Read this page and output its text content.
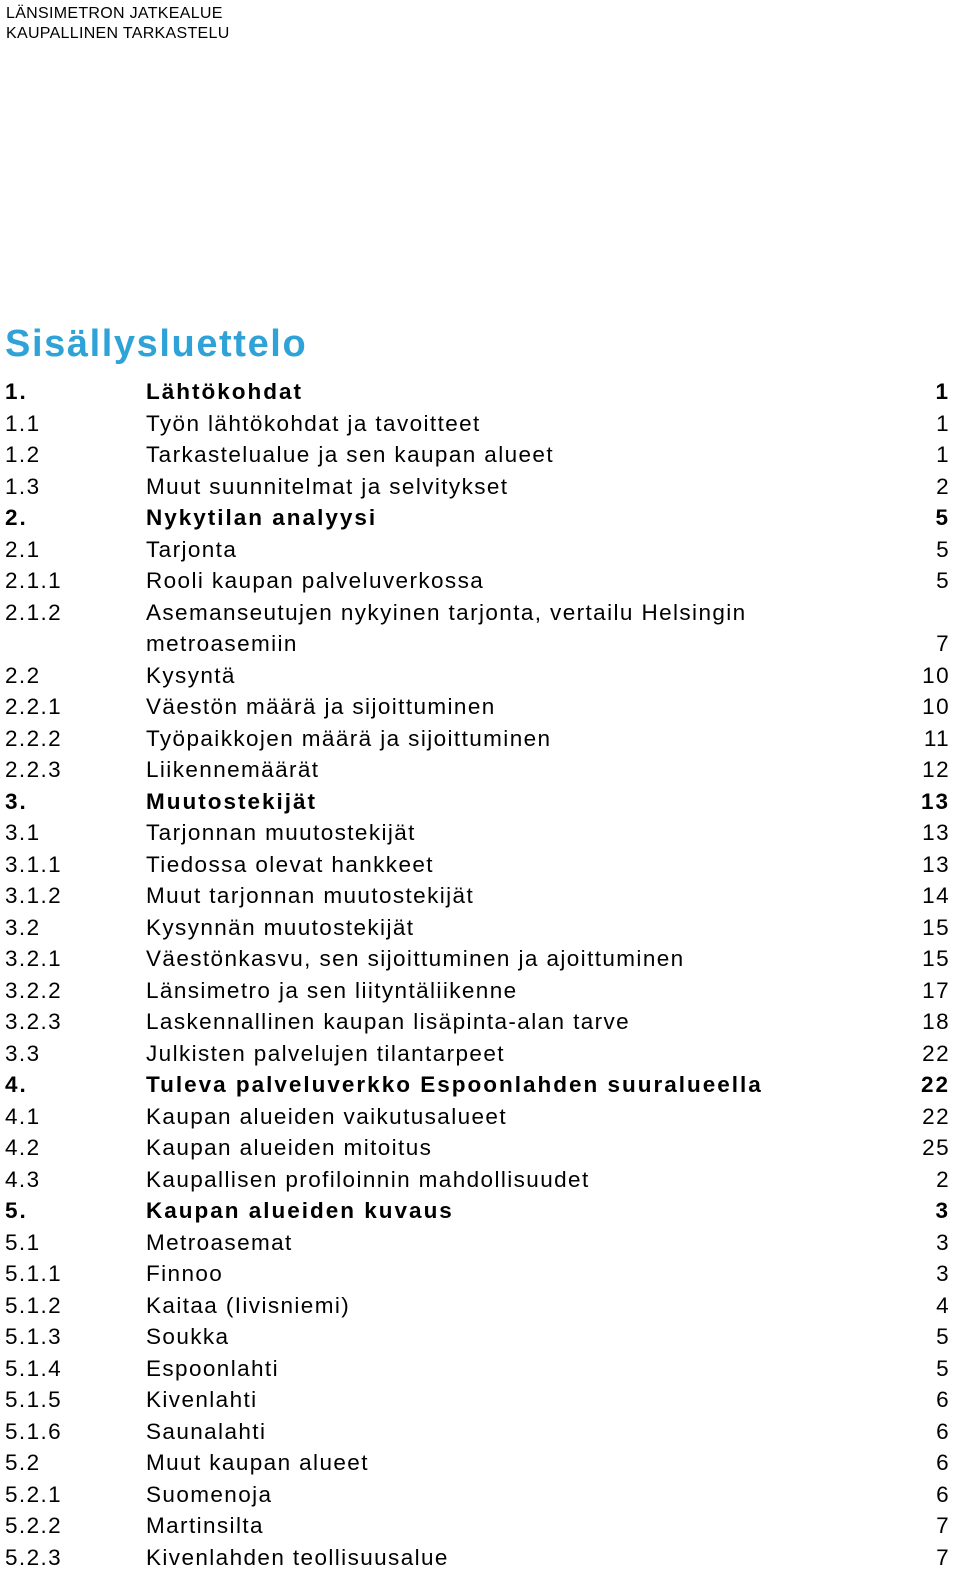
LÄNSIMETRON JATKEALUE
KAUPALLINEN TARKASTELU
Sisällysluettelo
1.	Lähtökohdat	1
1.1	Työn lähtökohdat ja tavoitteet	1
1.2	Tarkastelualue ja sen kaupan alueet	1
1.3	Muut suunnitelmat ja selvitykset	2
2.	Nykytilan analyysi	5
2.1	Tarjonta	5
2.1.1	Rooli kaupan palveluverkossa	5
2.1.2	Asemanseutujen nykyinen tarjonta, vertailu Helsingin
metroasemiin	7
2.2	Kysyntä	10
2.2.1	Väestön määrä ja sijoittuminen	10
2.2.2	Työpaikkojen määrä ja sijoittuminen	11
2.2.3	Liikennemäärät	12
3.	Muutostekijät	13
3.1	Tarjonnan muutostekijät	13
3.1.1	Tiedossa olevat hankkeet	13
3.1.2	Muut tarjonnan muutostekijät	14
3.2	Kysynnän muutostekijät	15
3.2.1	Väestönkasvu, sen sijoittuminen ja ajoittuminen	15
3.2.2	Länsimetro ja sen liityntäliikenne	17
3.2.3	Laskennallinen kaupan lisäpinta-alan tarve	18
3.3	Julkisten palvelujen tilantarpeet	22
4.	Tuleva palveluverkko Espoonlahden suuralueella	22
4.1	Kaupan alueiden vaikutusalueet	22
4.2	Kaupan alueiden mitoitus	25
4.3	Kaupallisen profiloinnin mahdollisuudet	2
5.	Kaupan alueiden kuvaus	3
5.1	Metroasemat	3
5.1.1	Finnoo	3
5.1.2	Kaitaa (Iivisniemi)	4
5.1.3	Soukka	5
5.1.4	Espoonlahti	5
5.1.5	Kivenlahti	6
5.1.6	Saunalahti	6
5.2	Muut kaupan alueet	6
5.2.1	Suomenoja	6
5.2.2	Martinsilta	7
5.2.3	Kivenlahden teollisuusalue	7
